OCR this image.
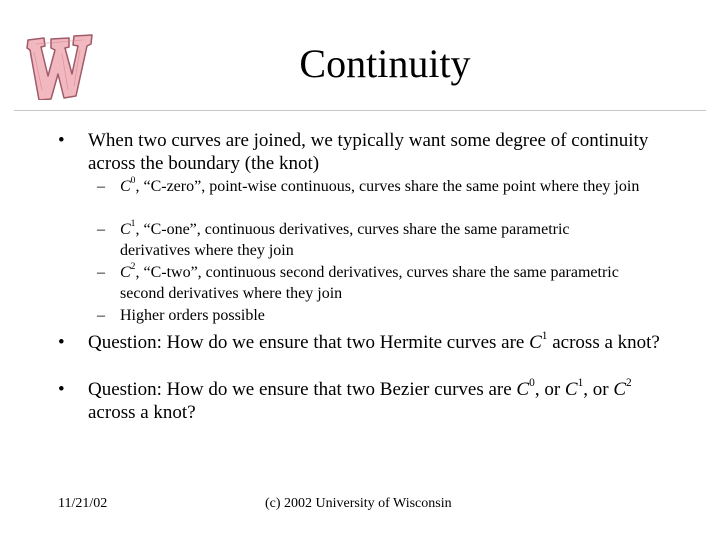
Continuity
• When two curves are joined, we typically want some degree of continuity across the boundary (the knot)
– $C^0$, “C-zero”, point-wise continuous, curves share the same point where they join
– $C^1$, “C-one”, continuous derivatives, curves share the same parametric derivatives where they join
– $C^2$, “C-two”, continuous second derivatives, curves share the same parametric second derivatives where they join
– Higher orders possible
• Question: How do we ensure that two Hermite curves are $C^1$ across a knot?
• Question: How do we ensure that two Bezier curves are $C^0$, or $C^1$, or $C^2$ across a knot?
11/21/02	(c) 2002 University of Wisconsin
